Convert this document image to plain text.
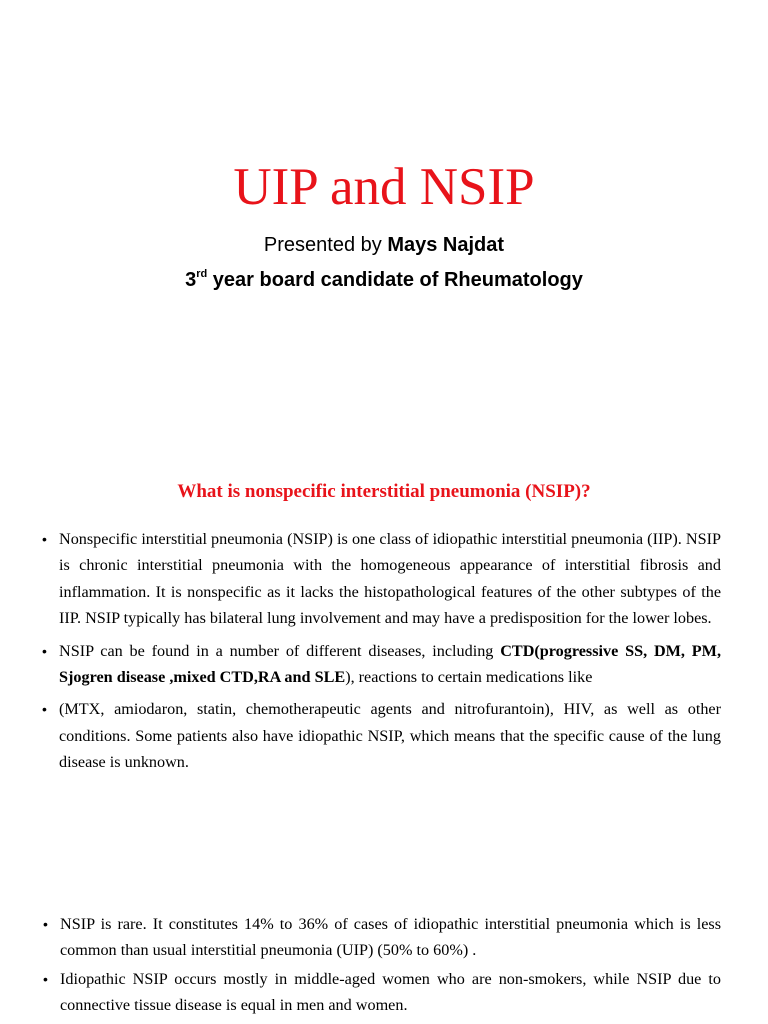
UIP and NSIP
Presented by Mays Najdat
3rd year board candidate of Rheumatology
What is nonspecific interstitial pneumonia (NSIP)?
• Nonspecific interstitial pneumonia (NSIP) is one class of idiopathic interstitial pneumonia (IIP). NSIP is chronic interstitial pneumonia with the homogeneous appearance of interstitial fibrosis and inflammation. It is nonspecific as it lacks the histopathological features of the other subtypes of the IIP. NSIP typically has bilateral lung involvement and may have a predisposition for the lower lobes.
• NSIP can be found in a number of different diseases, including CTD(progressive SS, DM, PM, Sjogren disease ,mixed CTD,RA and SLE), reactions to certain medications like
• (MTX, amiodaron, statin, chemotherapeutic agents and nitrofurantoin), HIV, as well as other conditions. Some patients also have idiopathic NSIP, which means that the specific cause of the lung disease is unknown.
• NSIP is rare. It constitutes 14% to 36% of cases of idiopathic interstitial pneumonia which is less common than usual interstitial pneumonia (UIP) (50% to 60%) .
• Idiopathic NSIP occurs mostly in middle-aged women who are non-smokers, while NSIP due to connective tissue disease is equal in men and women.
